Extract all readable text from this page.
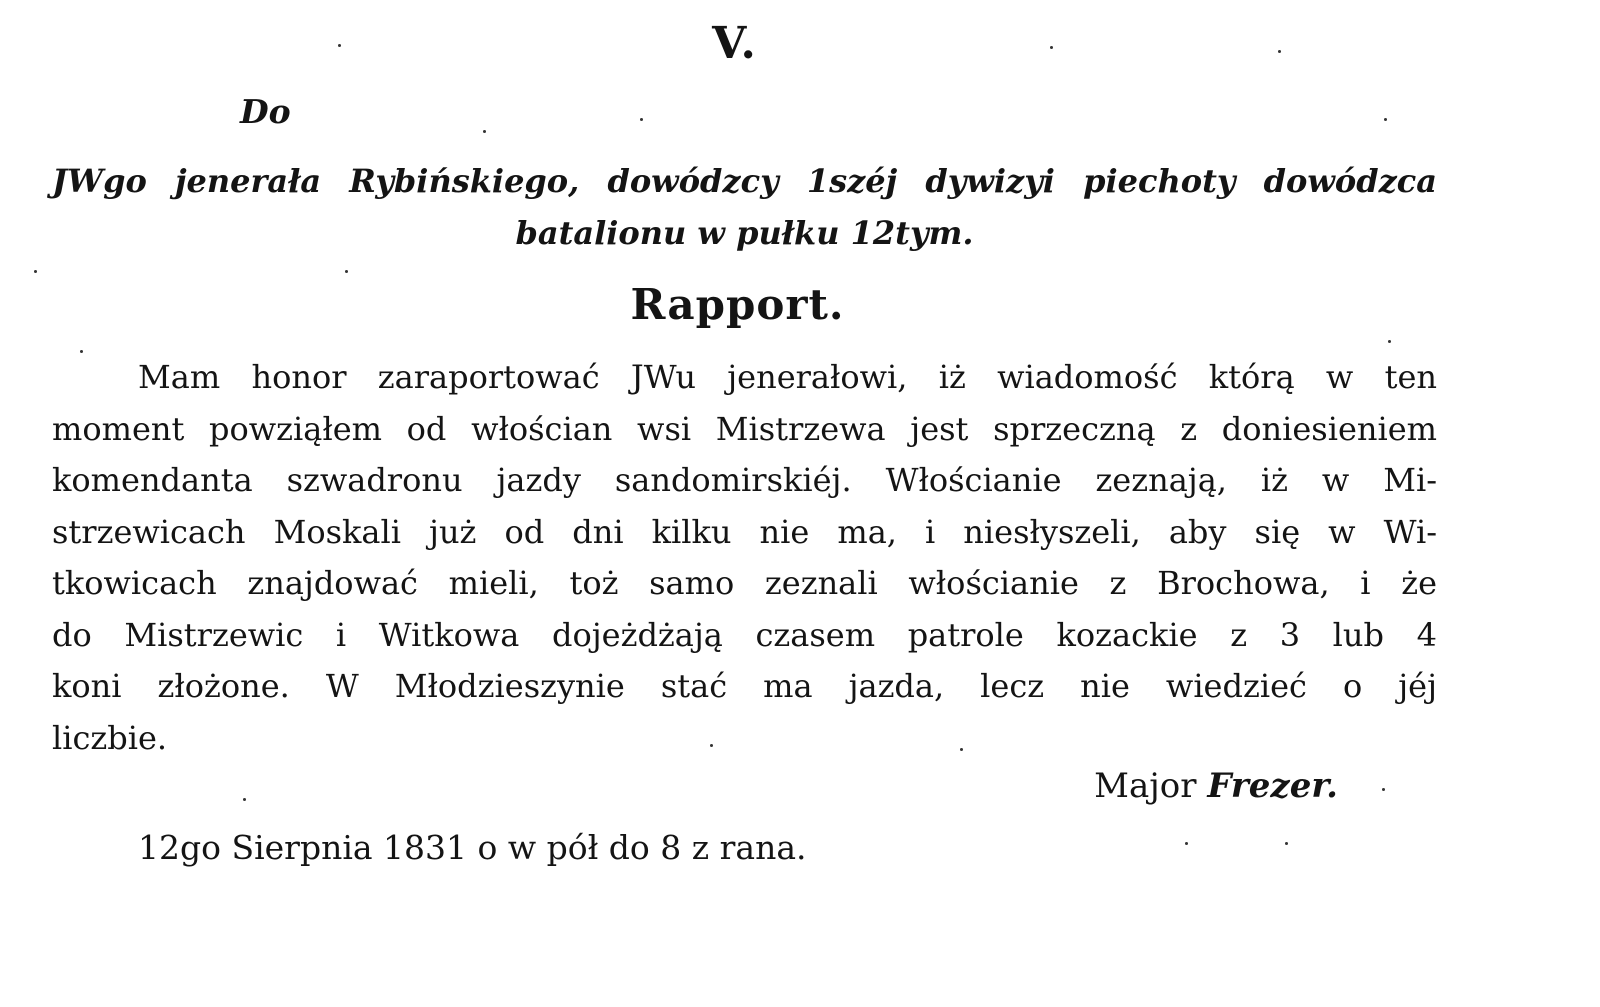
V.
Do
JWgo jenerała Rybińskiego, dowódzcy 1széj dywizyi piechoty dowódzca
batalionu w pułku 12tym.
Rapport.
Mam honor zaraportować JWu jenerałowi, iż wiadomość którą w ten
moment powziąłem od włościan wsi Mistrzewa jest sprzeczną z doniesieniem
komendanta szwadronu jazdy sandomirskiéj. Włościanie zeznają, iż w Mi-
strzewicach Moskali już od dni kilku nie ma, i niesłyszeli, aby się w Wi-
tkowicach znajdować mieli, toż samo zeznali włościanie z Brochowa, i że
do Mistrzewic i Witkowa dojeżdżają czasem patrole kozackie z 3 lub 4
koni złożone. W Młodzieszynie stać ma jazda, lecz nie wiedzieć o jéj
liczbie.
Major Frezer.
12go Sierpnia 1831 o w pół do 8 z rana.
